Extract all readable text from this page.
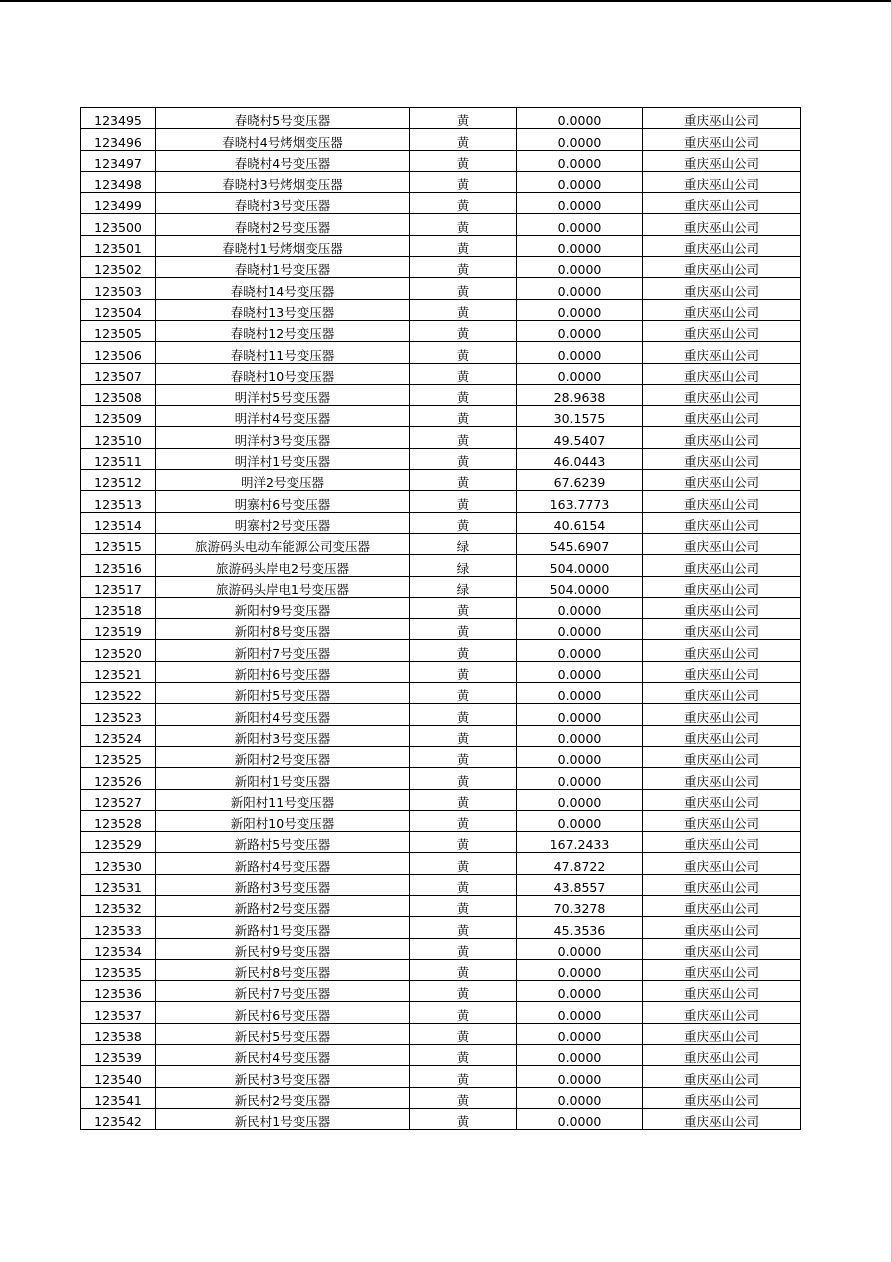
123495	春晓村5号变压器	黄	0.0000	重庆巫山公司
123496	春晓村4号烤烟变压器	黄	0.0000	重庆巫山公司
123497	春晓村4号变压器	黄	0.0000	重庆巫山公司
123498	春晓村3号烤烟变压器	黄	0.0000	重庆巫山公司
123499	春晓村3号变压器	黄	0.0000	重庆巫山公司
123500	春晓村2号变压器	黄	0.0000	重庆巫山公司
123501	春晓村1号烤烟变压器	黄	0.0000	重庆巫山公司
123502	春晓村1号变压器	黄	0.0000	重庆巫山公司
123503	春晓村14号变压器	黄	0.0000	重庆巫山公司
123504	春晓村13号变压器	黄	0.0000	重庆巫山公司
123505	春晓村12号变压器	黄	0.0000	重庆巫山公司
123506	春晓村11号变压器	黄	0.0000	重庆巫山公司
123507	春晓村10号变压器	黄	0.0000	重庆巫山公司
123508	明洋村5号变压器	黄	28.9638	重庆巫山公司
123509	明洋村4号变压器	黄	30.1575	重庆巫山公司
123510	明洋村3号变压器	黄	49.5407	重庆巫山公司
123511	明洋村1号变压器	黄	46.0443	重庆巫山公司
123512	明洋2号变压器	黄	67.6239	重庆巫山公司
123513	明寨村6号变压器	黄	163.7773	重庆巫山公司
123514	明寨村2号变压器	黄	40.6154	重庆巫山公司
123515	旅游码头电动车能源公司变压器	绿	545.6907	重庆巫山公司
123516	旅游码头岸电2号变压器	绿	504.0000	重庆巫山公司
123517	旅游码头岸电1号变压器	绿	504.0000	重庆巫山公司
123518	新阳村9号变压器	黄	0.0000	重庆巫山公司
123519	新阳村8号变压器	黄	0.0000	重庆巫山公司
123520	新阳村7号变压器	黄	0.0000	重庆巫山公司
123521	新阳村6号变压器	黄	0.0000	重庆巫山公司
123522	新阳村5号变压器	黄	0.0000	重庆巫山公司
123523	新阳村4号变压器	黄	0.0000	重庆巫山公司
123524	新阳村3号变压器	黄	0.0000	重庆巫山公司
123525	新阳村2号变压器	黄	0.0000	重庆巫山公司
123526	新阳村1号变压器	黄	0.0000	重庆巫山公司
123527	新阳村11号变压器	黄	0.0000	重庆巫山公司
123528	新阳村10号变压器	黄	0.0000	重庆巫山公司
123529	新路村5号变压器	黄	167.2433	重庆巫山公司
123530	新路村4号变压器	黄	47.8722	重庆巫山公司
123531	新路村3号变压器	黄	43.8557	重庆巫山公司
123532	新路村2号变压器	黄	70.3278	重庆巫山公司
123533	新路村1号变压器	黄	45.3536	重庆巫山公司
123534	新民村9号变压器	黄	0.0000	重庆巫山公司
123535	新民村8号变压器	黄	0.0000	重庆巫山公司
123536	新民村7号变压器	黄	0.0000	重庆巫山公司
123537	新民村6号变压器	黄	0.0000	重庆巫山公司
123538	新民村5号变压器	黄	0.0000	重庆巫山公司
123539	新民村4号变压器	黄	0.0000	重庆巫山公司
123540	新民村3号变压器	黄	0.0000	重庆巫山公司
123541	新民村2号变压器	黄	0.0000	重庆巫山公司
123542	新民村1号变压器	黄	0.0000	重庆巫山公司
